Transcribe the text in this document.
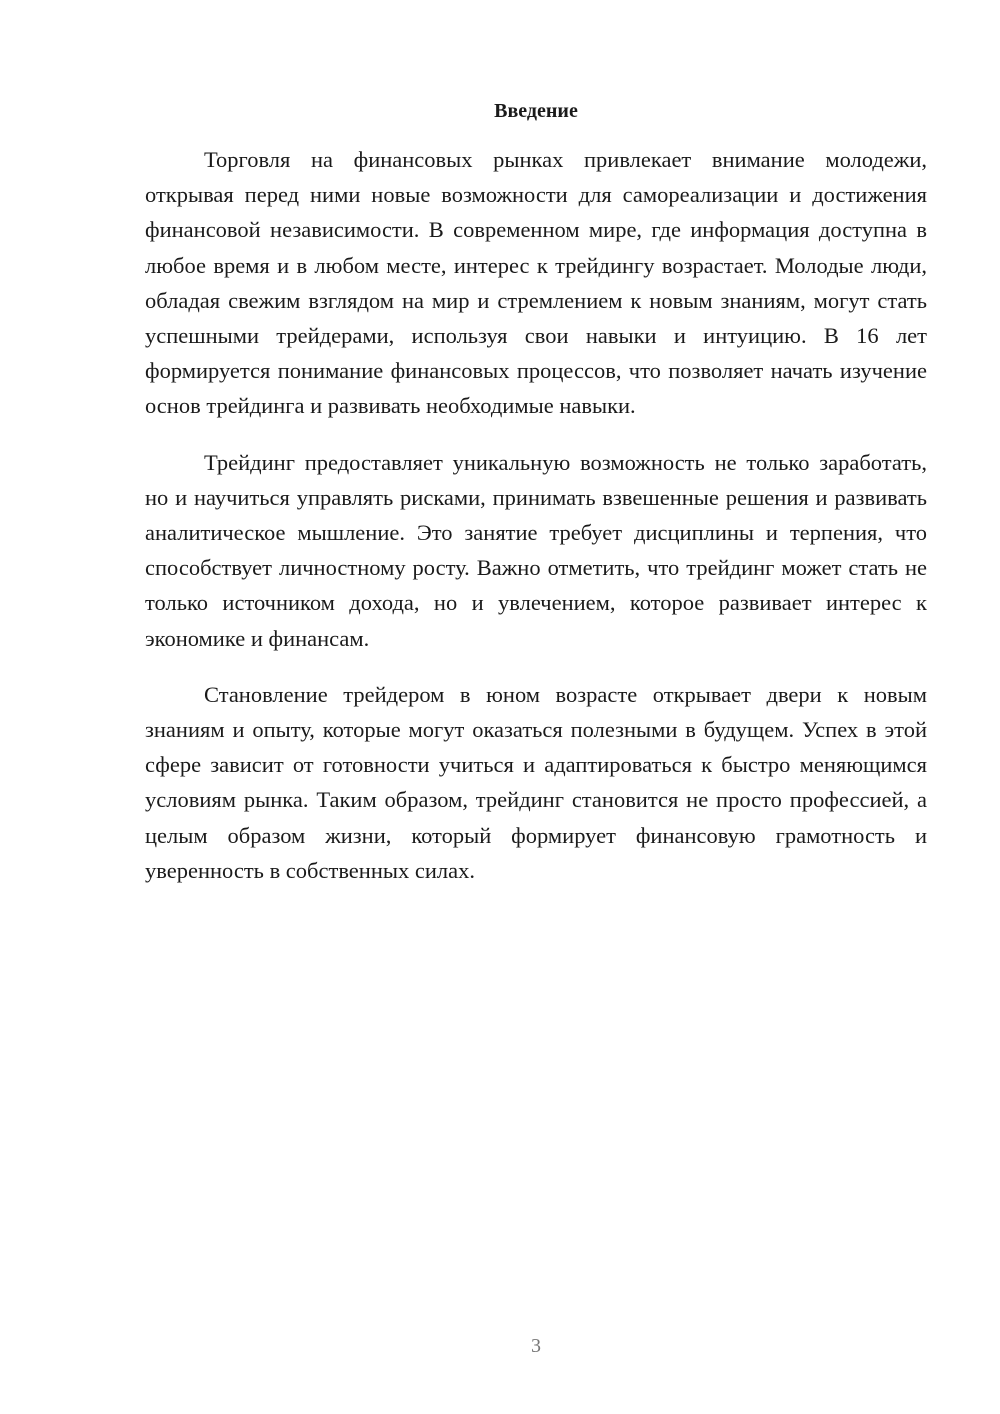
Введение

Торговля на финансовых рынках привлекает внимание молодежи, открывая перед ними новые возможности для самореализации и достижения финансовой независимости. В современном мире, где информация доступна в любое время и в любом месте, интерес к трейдингу возрастает. Молодые люди, обладая свежим взглядом на мир и стремлением к новым знаниям, могут стать успешными трейдерами, используя свои навыки и интуицию. В 16 лет формируется понимание финансовых процессов, что позволяет начать изучение основ трейдинга и развивать необходимые навыки.

Трейдинг предоставляет уникальную возможность не только заработать, но и научиться управлять рисками, принимать взвешенные решения и развивать аналитическое мышление. Это занятие требует дисциплины и терпения, что способствует личностному росту. Важно отметить, что трейдинг может стать не только источником дохода, но и увлечением, которое развивает интерес к экономике и финансам.

Становление трейдером в юном возрасте открывает двери к новым знаниям и опыту, которые могут оказаться полезными в будущем. Успех в этой сфере зависит от готовности учиться и адаптироваться к быстро меняющимся условиям рынка. Таким образом, трейдинг становится не просто профессией, а целым образом жизни, который формирует финансовую грамотность и уверенность в собственных силах.

3
